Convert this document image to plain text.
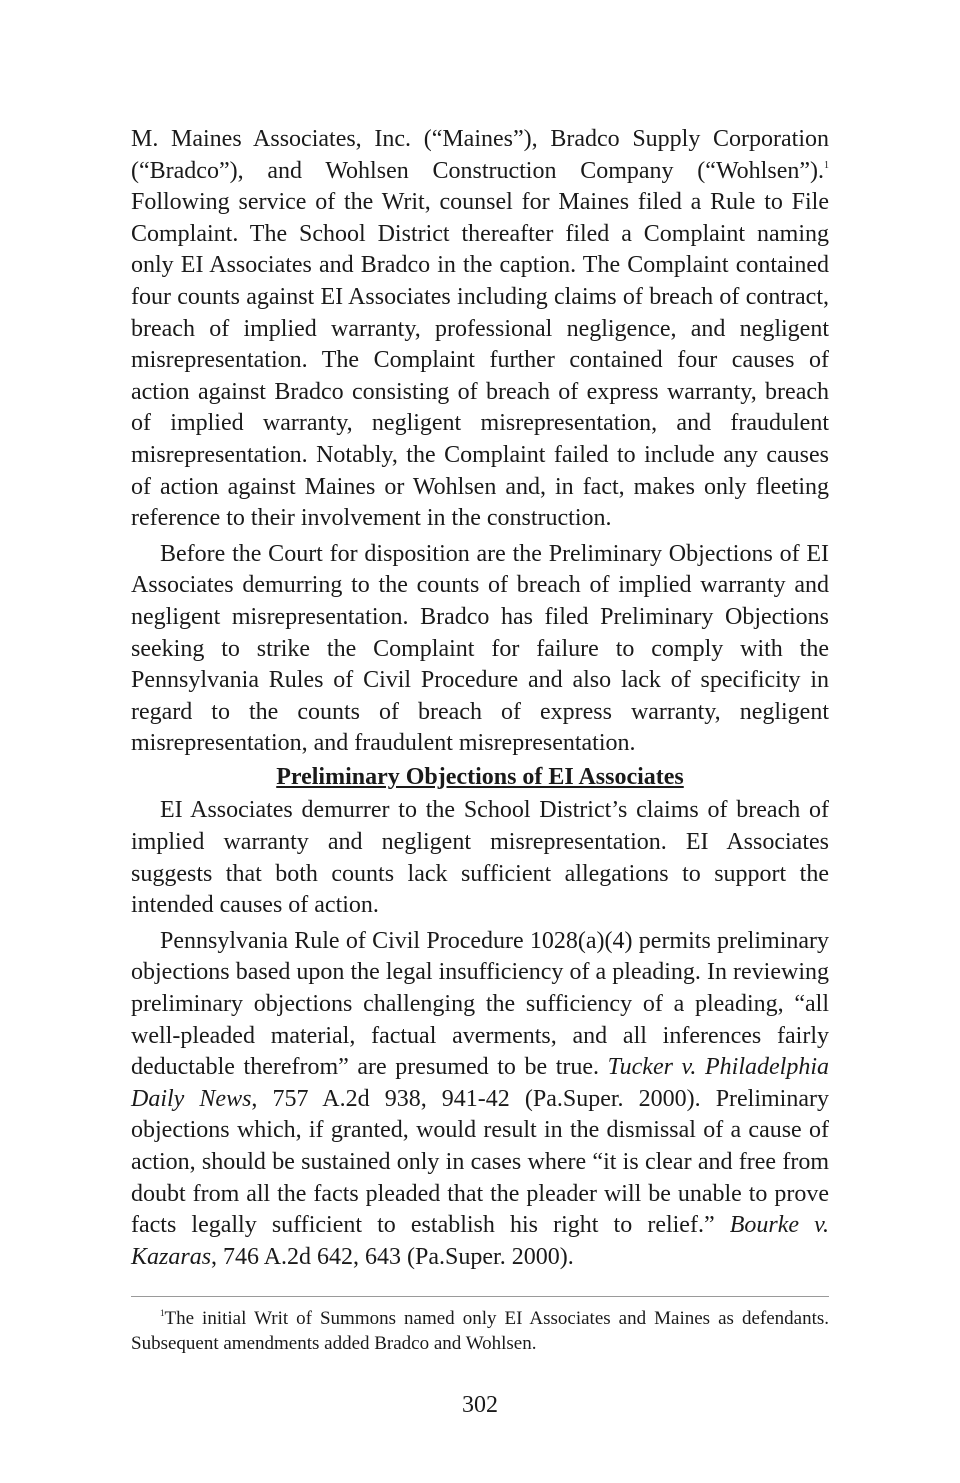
M. Maines Associates, Inc. (“Maines”), Bradco Supply Corporation (“Bradco”), and Wohlsen Construction Company (“Wohlsen”).$^1$ Following service of the Writ, counsel for Maines filed a Rule to File Complaint. The School District thereafter filed a Complaint naming only EI Associates and Bradco in the caption. The Complaint contained four counts against EI Associates including claims of breach of contract, breach of implied warranty, professional negligence, and negligent misrepresentation. The Complaint further contained four causes of action against Bradco consisting of breach of express warranty, breach of implied warranty, negligent misrepresentation, and fraudulent misrepresentation. Notably, the Complaint failed to include any causes of action against Maines or Wohlsen and, in fact, makes only fleeting reference to their involvement in the construction.

Before the Court for disposition are the Preliminary Objections of EI Associates demurring to the counts of breach of implied warranty and negligent misrepresentation. Bradco has filed Preliminary Objections seeking to strike the Complaint for failure to comply with the Pennsylvania Rules of Civil Procedure and also lack of specificity in regard to the counts of breach of express warranty, negligent misrepresentation, and fraudulent misrepresentation.

Preliminary Objections of EI Associates

EI Associates demurrer to the School District’s claims of breach of implied warranty and negligent misrepresentation. EI Associates suggests that both counts lack sufficient allegations to support the intended causes of action.

Pennsylvania Rule of Civil Procedure 1028(a)(4) permits preliminary objections based upon the legal insufficiency of a pleading. In reviewing preliminary objections challenging the sufficiency of a pleading, “all well-pleaded material, factual averments, and all inferences fairly deductable therefrom” are presumed to be true. Tucker v. Philadelphia Daily News, 757 A.2d 938, 941-42 (Pa.Super. 2000). Preliminary objections which, if granted, would result in the dismissal of a cause of action, should be sustained only in cases where “it is clear and free from doubt from all the facts pleaded that the pleader will be unable to prove facts legally sufficient to establish his right to relief.” Bourke v. Kazaras, 746 A.2d 642, 643 (Pa.Super. 2000).

$^1$The initial Writ of Summons named only EI Associates and Maines as defendants. Subsequent amendments added Bradco and Wohlsen.

302
